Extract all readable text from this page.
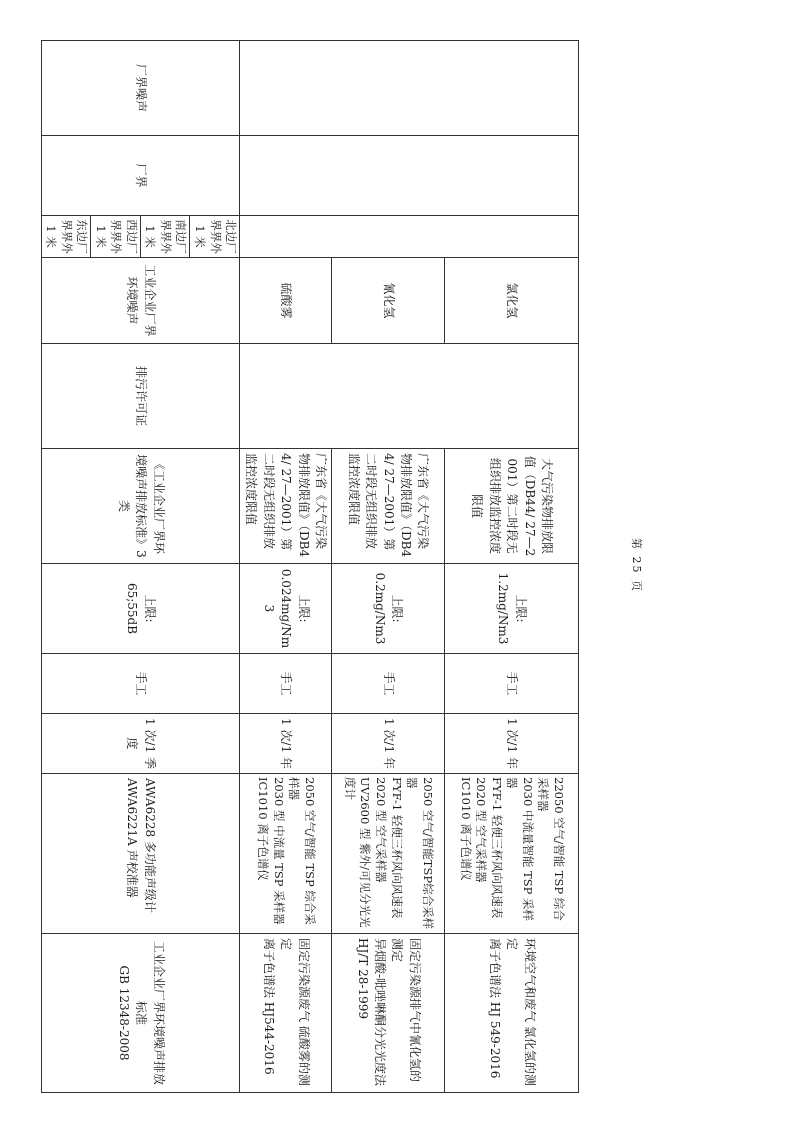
			氯化氢		大气污染物排放限值（DB44/ 27—2001）第二时段无组织排放监控浓度限值	上限:
1.2mg/Nm3	手工	1 次/1 年	22050 空气/智能 TSP 综合采样器
2030 中流量智能 TSP 采样器
FYF-1 轻便三杯风向风速表
2020 型 空气采样器
IC1010 离子色谱仪	环境空气和废气 氯化氢的测定
离子色谱法 HJ 549-2016

			氰化氢		广东省《大气污染物排放限值》（DB44/ 27—2001）第二时段无组织排放监控浓度限值	上限:
0.2mg/Nm3	手工	1 次/1 年	2050 空气/智能TSP综合采样器
FYF-1 轻便三杯风向风速表
2020 型 空气采样器
UV2600 型 紫外/可见分光光度计	固定污染源排气中氰化氢的测定
异烟酸-吡唑啉酮分光光度法 HJ/T 28-1999

			硫酸雾		广东省《大气污染物排放限值》（DB44/ 27—2001）第二时段无组织排放监控浓度限值	上限:
0.024mg/Nm3	手工	1 次/1 年	2050 空气/智能 TSP 综合采样器
2030 型 中流量 TSP 采样器
IC1010 离子色谱仪	固定污染源废气 硫酸雾的测定
离子色谱法 HJ544-2016

厂界噪声	厂界	北边厂界界外 1 米	工业企业厂界环境噪声	排污许可证	《工业企业厂界环境噪声排放标准》3 类	上限:
65;55dB	手工	1 次/1 季度	AWA6228 多功能声级计
AWA6221A 声校准器	工业企业厂界环境噪声排放标准
GB 12348-2008

		南边厂界界外 1 米								
		西边厂界界外 1 米								
		东边厂界界外 1 米								
第 25 页
